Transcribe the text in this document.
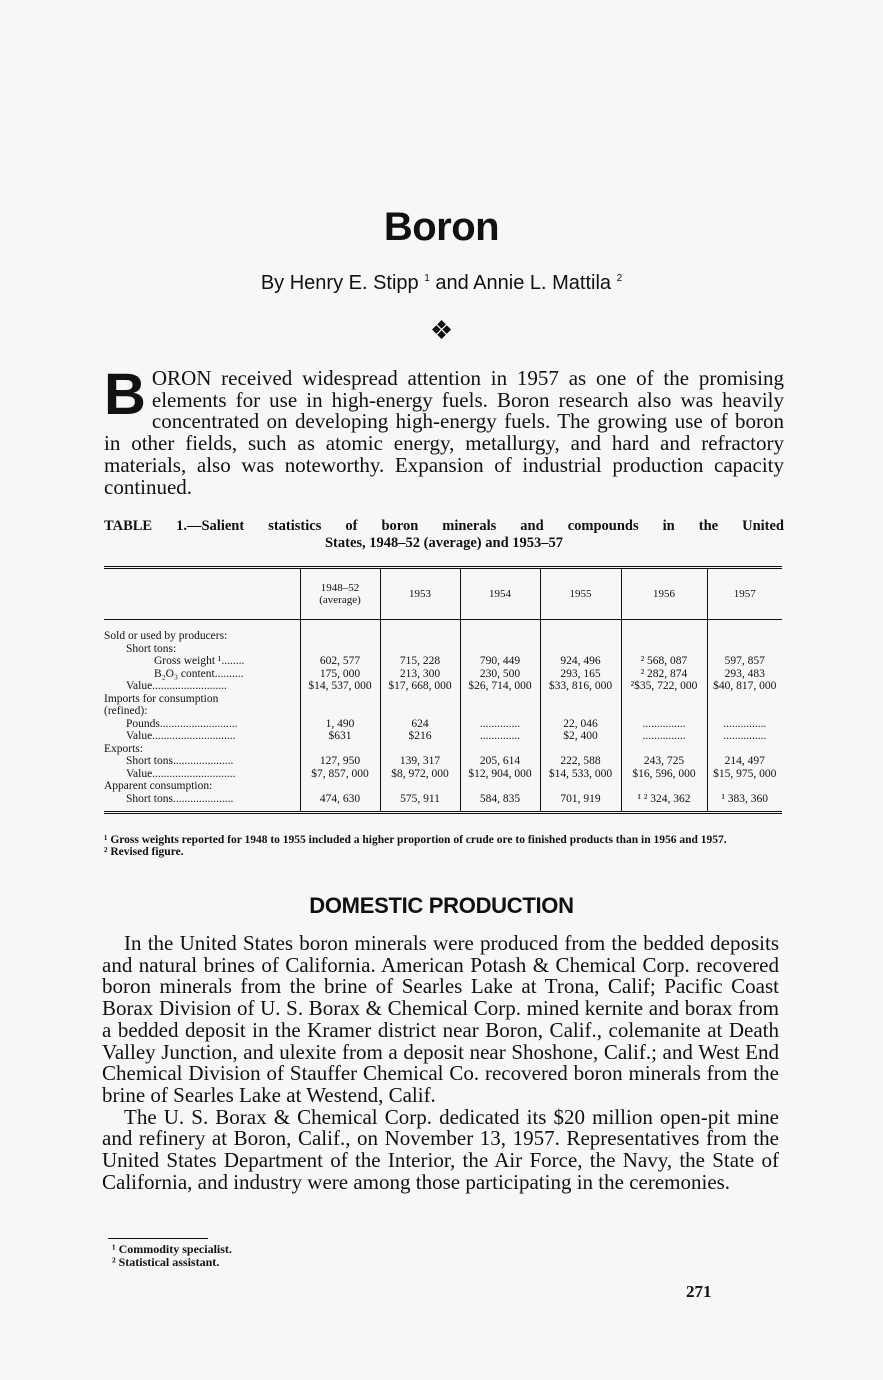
Boron
By Henry E. Stipp $^1$ and Annie L. Mattila $^2$
❖
BORON received widespread attention in 1957 as one of the promising elements for use in high-energy fuels. Boron research also was heavily concentrated on developing high-energy fuels. The growing use of boron in other fields, such as atomic energy, metallurgy, and hard and refractory materials, also was noteworthy. Expansion of industrial production capacity continued.
TABLE 1.—Salient statistics of boron minerals and compounds in the United
States, 1948–52 (average) and 1953–57
	1948–52 (average)	1953	1954	1955	1956	1957

Sold or used by producers:						
Short tons:						
Gross weight ¹........	602, 577	715, 228	790, 449	924, 496	² 568, 087	597, 857
B₂O₃ content..........	175, 000	213, 300	230, 500	293, 165	² 282, 874	293, 483
Value..........................	$14, 537, 000	$17, 668, 000	$26, 714, 000	$33, 816, 000	²$35, 722, 000	$40, 817, 000
Imports for consumption						
(refined):						
Pounds...........................	1, 490	624	..............	22, 046	...............	...............
Value.............................	$631	$216	..............	$2, 400	...............	...............
Exports:						
Short tons.....................	127, 950	139, 317	205, 614	222, 588	243, 725	214, 497
Value.............................	$7, 857, 000	$8, 972, 000	$12, 904, 000	$14, 533, 000	$16, 596, 000	$15, 975, 000
Apparent consumption:						
Short tons.....................	474, 630	575, 911	584, 835	701, 919	¹ ² 324, 362	¹ 383, 360
¹ Gross weights reported for 1948 to 1955 included a higher proportion of crude ore to finished products than in 1956 and 1957.
² Revised figure.
DOMESTIC PRODUCTION

In the United States boron minerals were produced from the bedded deposits and natural brines of California. American Potash & Chemical Corp. recovered boron minerals from the brine of Searles Lake at Trona, Calif; Pacific Coast Borax Division of U. S. Borax & Chemical Corp. mined kernite and borax from a bedded deposit in the Kramer district near Boron, Calif., colemanite at Death Valley Junction, and ulexite from a deposit near Shoshone, Calif.; and West End Chemical Division of Stauffer Chemical Co. recovered boron minerals from the brine of Searles Lake at Westend, Calif.

The U. S. Borax & Chemical Corp. dedicated its $20 million open-pit mine and refinery at Boron, Calif., on November 13, 1957. Representatives from the United States Department of the Interior, the Air Force, the Navy, the State of California, and industry were among those participating in the ceremonies.

¹ Commodity specialist.
² Statistical assistant.
271
